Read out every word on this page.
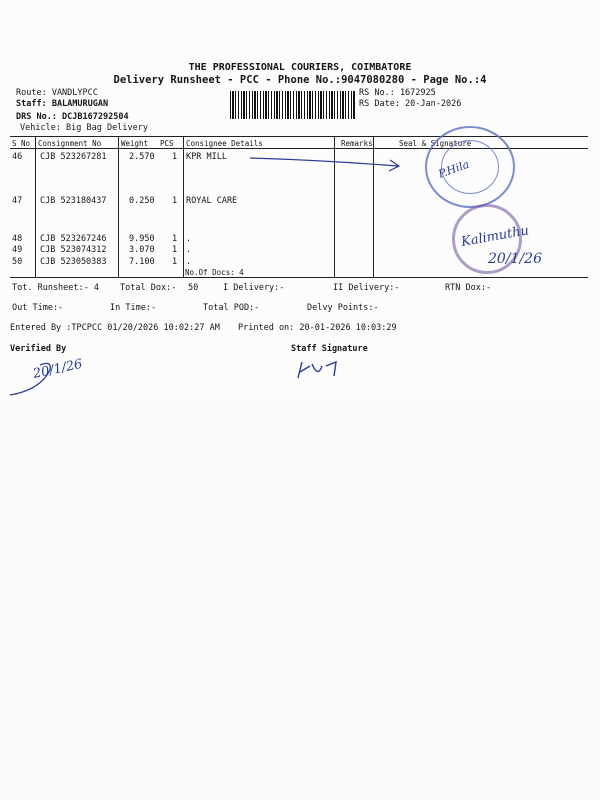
THE PROFESSIONAL COURIERS, COIMBATORE
Delivery Runsheet - PCC - Phone No.:9047080280 - Page No.:4
Route: VANDLYPCC
Staff: BALAMURUGAN
DRS No.: DCJB167292504
Vehicle: Big Bag Delivery
RS No.: 1672925
RS Date: 20-Jan-2026
S No Consignment No	Weight PCS Consignee Details	Remarks	Seal & Signature
46 CJB 523267281	2.570 1 KPR MILL
47 CJB 523180437	0.250 1 ROYAL CARE
48 CJB 523267246	9.950 1 .
49 CJB 523074312	3.070 1 .
50 CJB 523050383	7.100 1 .
No.Of Docs: 4
Tot. Runsheet:- 4 Total Dox:- 50	I Delivery:-	II Delivery:-	RTN Dox:-
Out Time:-	In Time:-	Total POD:-	Delvy Points:-
Entered By :TPCPCC 01/20/2026 10:02:27 AM Printed on: 20-01-2026 10:03:29
Verified By	Staff Signature
P.Hila
Kalimuthu
20/1/26
20/1/26
